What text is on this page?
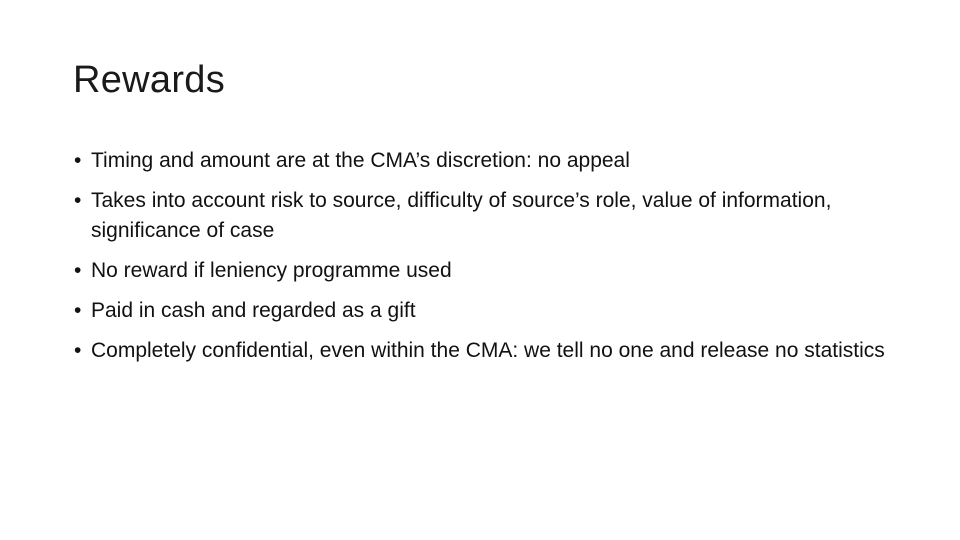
Rewards
• Timing and amount are at the CMA’s discretion: no appeal
• Takes into account risk to source, difficulty of source’s role, value of information, significance of case
• No reward if leniency programme used
• Paid in cash and regarded as a gift
• Completely confidential, even within the CMA: we tell no one and release no statistics
